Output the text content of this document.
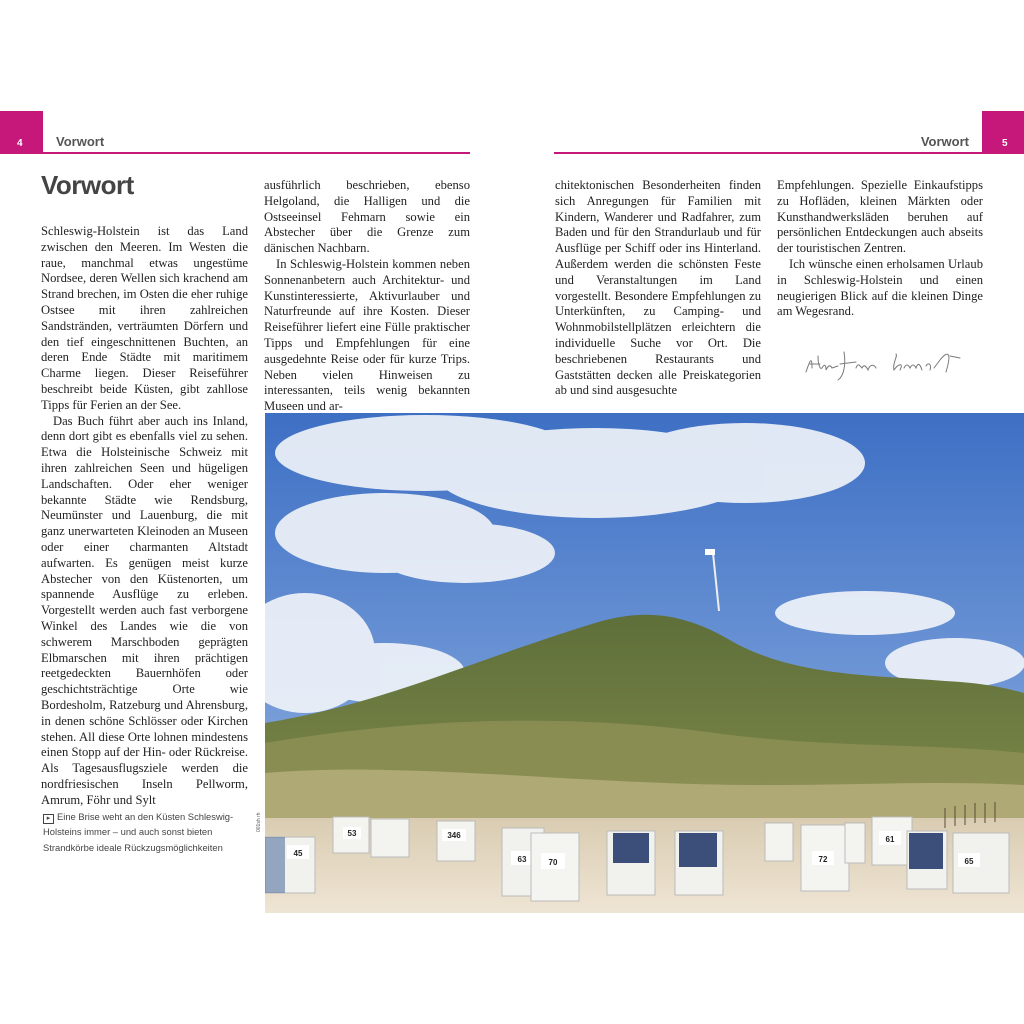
4	5
Vorwort	Vorwort
Vorwort

Schleswig-Holstein ist das Land zwischen den Meeren. Im Westen die raue, manchmal etwas ungestüme Nordsee, deren Wellen sich krachend am Strand brechen, im Osten die eher ruhige Ostsee mit ihren zahlreichen Sandstränden, verträumten Dörfern und den tief eingeschnittenen Buchten, an deren Ende Städte mit maritimem Charme liegen. Dieser Reiseführer beschreibt beide Küsten, gibt zahllose Tipps für Ferien an der See.

Das Buch führt aber auch ins Inland, denn dort gibt es ebenfalls viel zu sehen. Etwa die Holsteinische Schweiz mit ihren zahlreichen Seen und hügeligen Landschaften. Oder eher weniger bekannte Städte wie Rendsburg, Neumünster und Lauenburg, die mit ganz unerwarteten Kleinoden an Museen oder einer charmanten Altstadt aufwarten. Es genügen meist kurze Abstecher von den Küstenorten, um spannende Ausflüge zu erleben. Vorgestellt werden auch fast verborgene Winkel des Landes wie die von schwerem Marschboden geprägten Elbmarschen mit ihren prächtigen reetgedeckten Bauernhöfen oder geschichtsträchtige Orte wie Bordesholm, Ratzeburg und Ahrensburg, in denen schöne Schlösser oder Kirchen stehen. All diese Orte lohnen mindestens einen Stopp auf der Hin- oder Rückreise. Als Tagesausflugsziele werden die nordfriesischen Inseln Pellworm, Amrum, Föhr und Sylt

ausführlich beschrieben, ebenso Helgoland, die Halligen und die Ostseeinsel Fehmarn sowie ein Abstecher über die Grenze zum dänischen Nachbarn.

In Schleswig-Holstein kommen neben Sonnenanbetern auch Architektur- und Kunstinteressierte, Aktivurlauber und Naturfreunde auf ihre Kosten. Dieser Reiseführer liefert eine Fülle praktischer Tipps und Empfehlungen für eine ausgedehnte Reise oder für kurze Trips. Neben vielen Hinweisen zu interessanten, teils wenig bekannten Museen und ar-

chitektonischen Besonderheiten finden sich Anregungen für Familien mit Kindern, Wanderer und Radfahrer, zum Baden und für den Strandurlaub und für Ausflüge per Schiff oder ins Hinterland. Außerdem werden die schönsten Feste und Veranstaltungen im Land vorgestellt. Besondere Empfehlungen zu Unterkünften, zu Camping- und Wohnmobilstellplätzen erleichtern die individuelle Suche vor Ort. Die beschriebenen Restaurants und Gaststätten decken alle Preiskategorien ab und sind ausgesuchte

Empfehlungen. Spezielle Einkaufstipps zu Hofläden, kleinen Märkten oder Kunsthandwerksläden beruhen auf persönlichen Entdeckungen auch abseits der touristischen Zentren.

Ich wünsche einen erholsamen Urlaub in Schleswig-Holstein und einen neugierigen Blick auf die kleinen Dinge am Wegesrand.

▸ Eine Brise weht an den Küsten Schleswig-Holsteins immer – und auch sonst bieten Strandkörbe ideale Rückzugsmöglichkeiten
45
53	346
63	70	72
61
65
001sh rh
